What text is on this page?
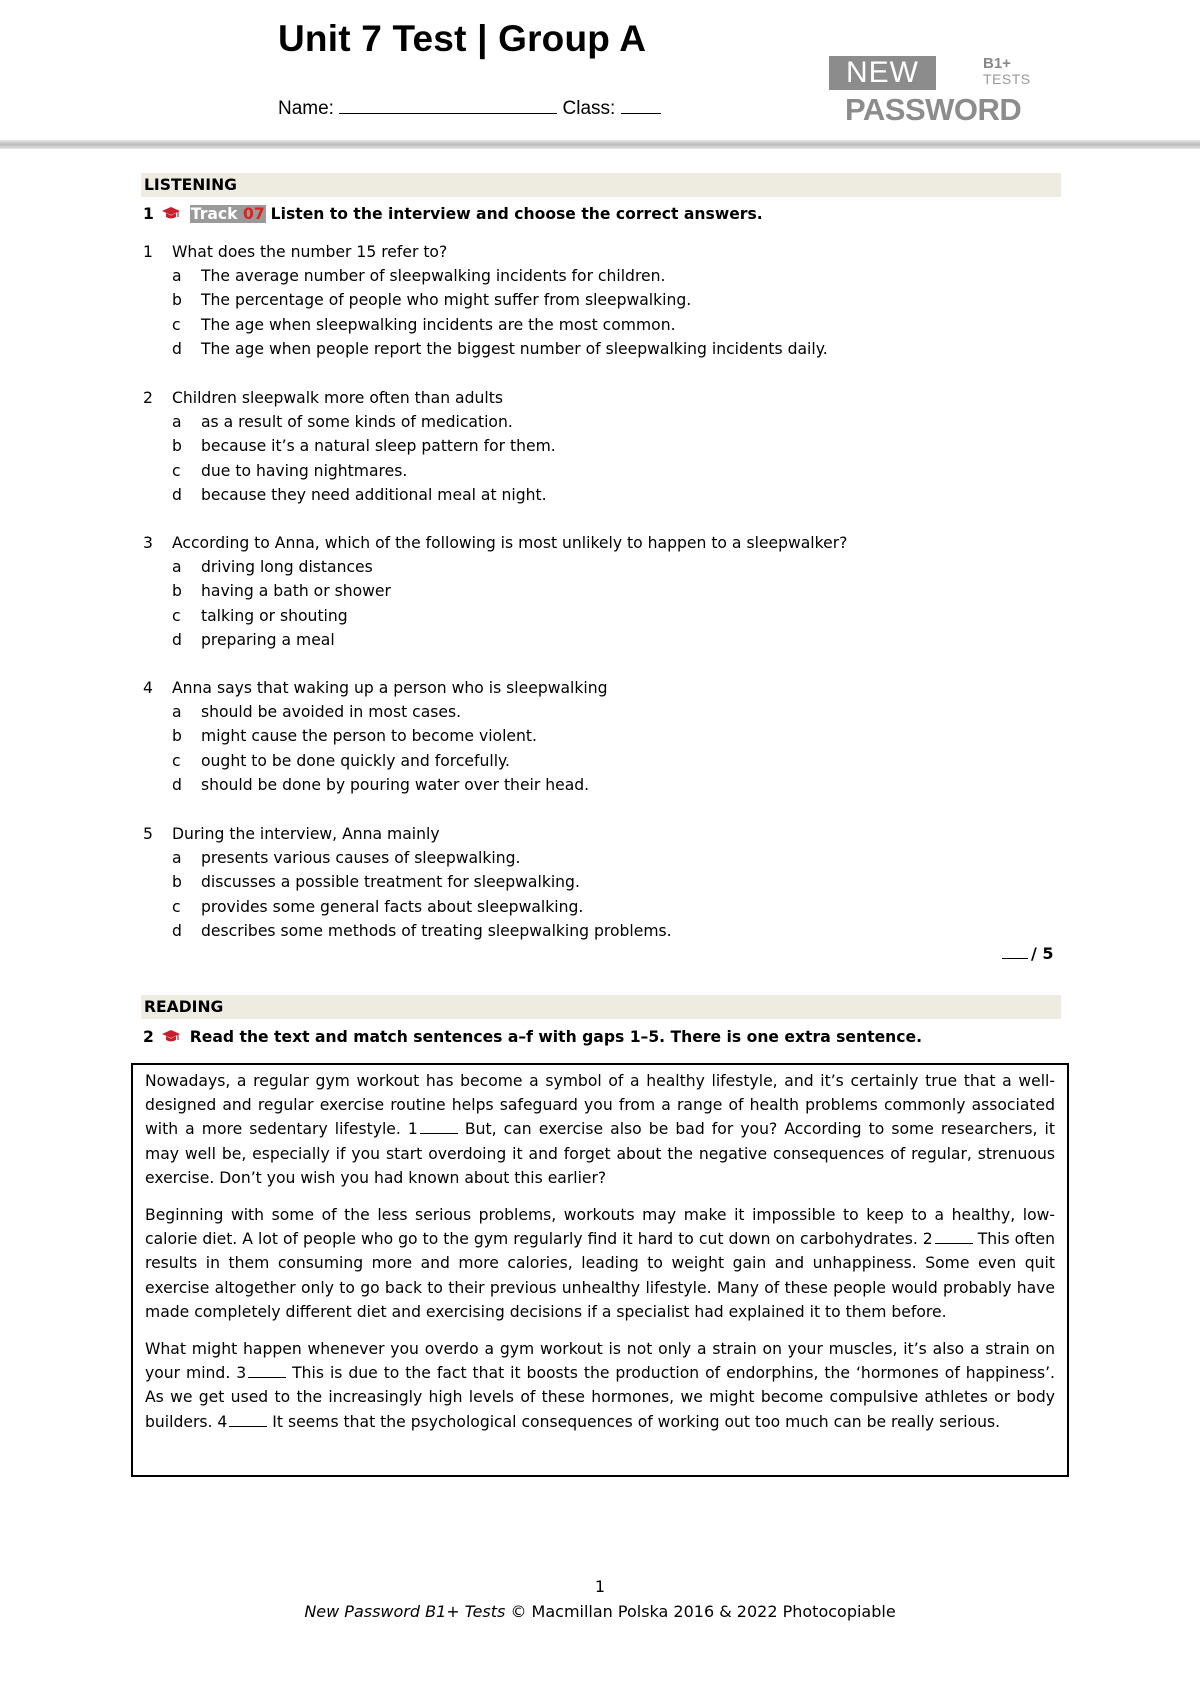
Unit 7 Test | Group A
Name:	Class:
NEW	B1+
TESTS
PASSWORD
LISTENING
1 Track 07 Listen to the interview and choose the correct answers.
1 What does the number 15 refer to?
a The average number of sleepwalking incidents for children.
b The percentage of people who might suffer from sleepwalking.
c The age when sleepwalking incidents are the most common.
d The age when people report the biggest number of sleepwalking incidents daily.
2 Children sleepwalk more often than adults
a as a result of some kinds of medication.
b because it’s a natural sleep pattern for them.
c due to having nightmares.
d because they need additional meal at night.
3 According to Anna, which of the following is most unlikely to happen to a sleepwalker?
a driving long distances
b having a bath or shower
c talking or shouting
d preparing a meal
4 Anna says that waking up a person who is sleepwalking
a should be avoided in most cases.
b might cause the person to become violent.
c ought to be done quickly and forcefully.
d should be done by pouring water over their head.
5 During the interview, Anna mainly
a presents various causes of sleepwalking.
b discusses a possible treatment for sleepwalking.
c provides some general facts about sleepwalking.
d describes some methods of treating sleepwalking problems.
/ 5
READING
2 Read the text and match sentences a–f with gaps 1–5. There is one extra sentence.

Nowadays, a regular gym workout has become a symbol of a healthy lifestyle, and it’s certainly true that a well-designed and regular exercise routine helps safeguard you from a range of health problems commonly associated with a more sedentary lifestyle. 1	But, can exercise also be bad for you? According to some researchers, it may well be, especially if you start overdoing it and forget about the negative consequences of regular, strenuous exercise. Don’t you wish you had known about this earlier?

Beginning with some of the less serious problems, workouts may make it impossible to keep to a healthy, low-calorie diet. A lot of people who go to the gym regularly find it hard to cut down on carbohydrates. 2	This often results in them consuming more and more calories, leading to weight gain and unhappiness. Some even quit exercise altogether only to go back to their previous unhealthy lifestyle. Many of these people would probably have made completely different diet and exercising decisions if a specialist had explained it to them before.

What might happen whenever you overdo a gym workout is not only a strain on your muscles, it’s also a strain on your mind. 3	This is due to the fact that it boosts the production of endorphins, the ‘hormones of happiness’. As we get used to the increasingly high levels of these hormones, we might become compulsive athletes or body builders. 4	It seems that the psychological consequences of working out too much can be really serious.

1
New Password B1+ Tests © Macmillan Polska 2016 & 2022 Photocopiable
